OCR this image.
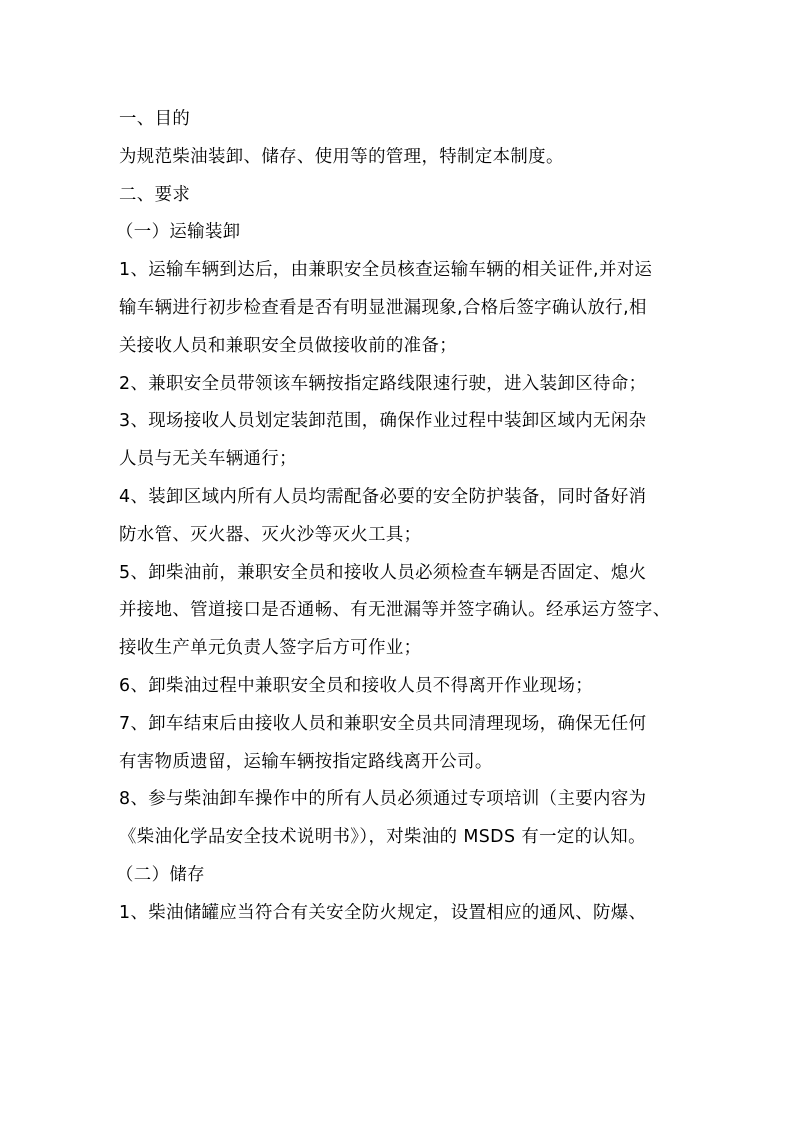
一、目的
为规范柴油装卸、储存、使用等的管理，特制定本制度。
二、要求
（一）运输装卸
1、运输车辆到达后，由兼职安全员核查运输车辆的相关证件,并对运
输车辆进行初步检查看是否有明显泄漏现象,合格后签字确认放行,相
关接收人员和兼职安全员做接收前的准备；
2、兼职安全员带领该车辆按指定路线限速行驶，进入装卸区待命；
3、现场接收人员划定装卸范围，确保作业过程中装卸区域内无闲杂
人员与无关车辆通行；
4、装卸区域内所有人员均需配备必要的安全防护装备，同时备好消
防水管、灭火器、灭火沙等灭火工具；
5、卸柴油前，兼职安全员和接收人员必须检查车辆是否固定、熄火
并接地、管道接口是否通畅、有无泄漏等并签字确认。经承运方签字、
接收生产单元负责人签字后方可作业；
6、卸柴油过程中兼职安全员和接收人员不得离开作业现场；
7、卸车结束后由接收人员和兼职安全员共同清理现场，确保无任何
有害物质遗留，运输车辆按指定路线离开公司。
8、参与柴油卸车操作中的所有人员必须通过专项培训（主要内容为
《柴油化学品安全技术说明书》），对柴油的 MSDS 有一定的认知。
（二）储存
1、柴油储罐应当符合有关安全防火规定，设置相应的通风、防爆、
